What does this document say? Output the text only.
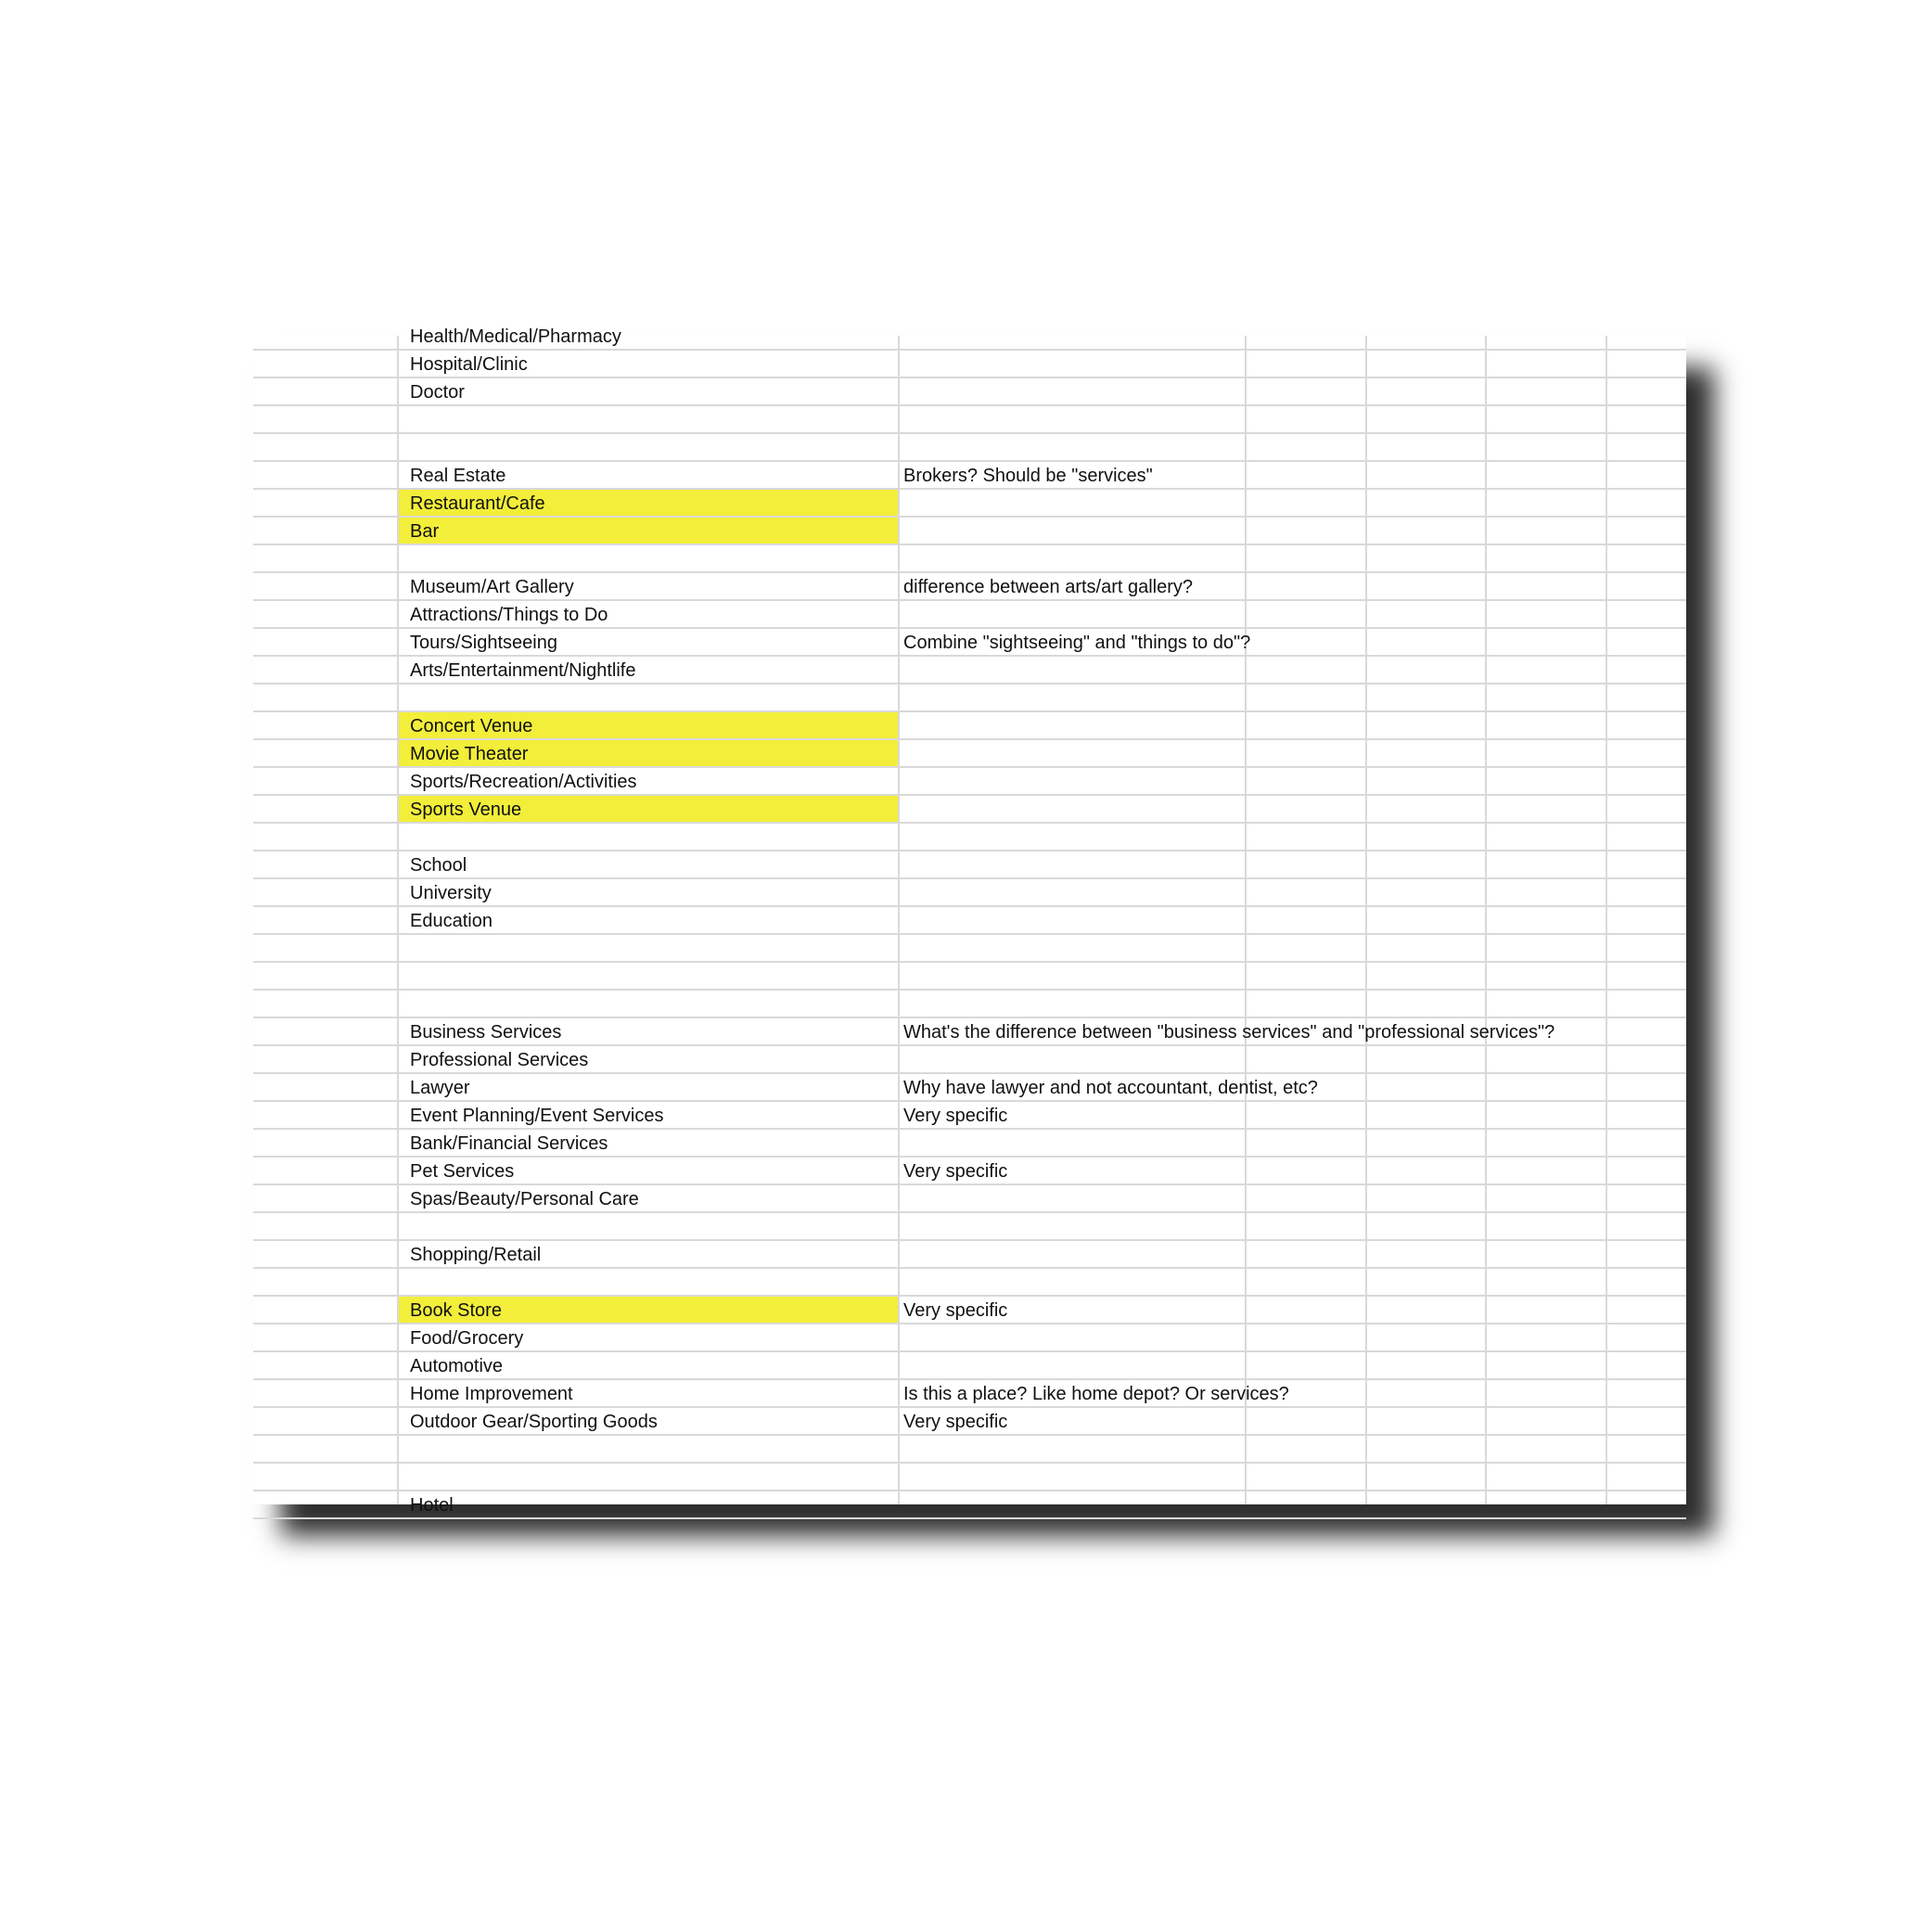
Health/Medical/Pharmacy
Hospital/Clinic
Doctor
Real Estate	Brokers? Should be "services"
Restaurant/Cafe
Bar
Museum/Art Gallery	difference between arts/art gallery?
Attractions/Things to Do
Tours/Sightseeing	Combine "sightseeing" and "things to do"?
Arts/Entertainment/Nightlife
Concert Venue
Movie Theater
Sports/Recreation/Activities
Sports Venue
School
University
Education
Business Services	What's the difference between "business services" and "professional services"?
Professional Services
Lawyer	Why have lawyer and not accountant, dentist, etc?
Event Planning/Event Services	Very specific
Bank/Financial Services
Pet Services	Very specific
Spas/Beauty/Personal Care
Shopping/Retail
Book Store	Very specific
Food/Grocery
Automotive
Home Improvement	Is this a place? Like home depot? Or services?
Outdoor Gear/Sporting Goods	Very specific
Hotel
